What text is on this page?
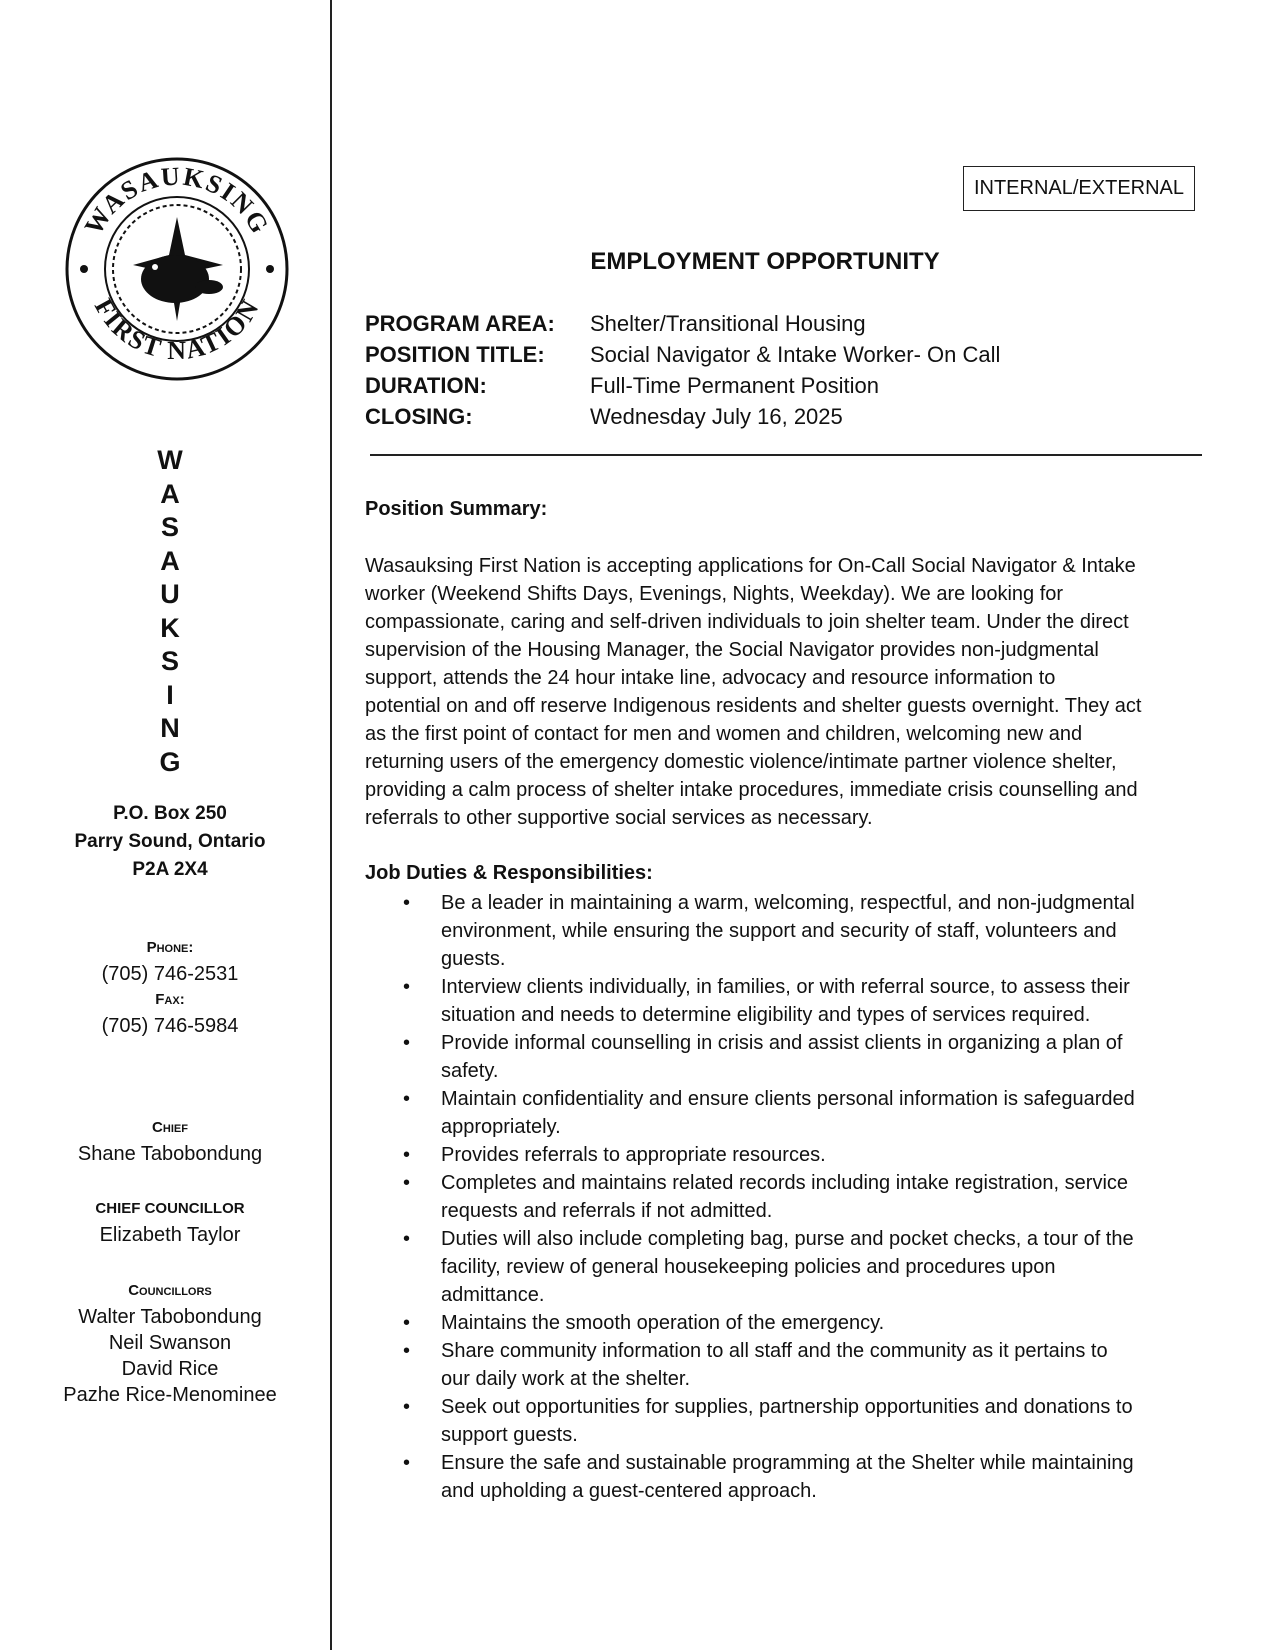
WASAUKSING
FIRST NATION
W
A
S
A
U
K
S
I
N
G
P.O. Box 250
Parry Sound, Ontario
P2A 2X4
Phone:
(705) 746-2531
Fax:
(705) 746-5984
Chief
Shane Tabobondung
CHIEF COUNCILLOR
Elizabeth Taylor
Councillors
Walter Tabobondung
Neil Swanson
David Rice
Pazhe Rice-Menominee
INTERNAL/EXTERNAL
EMPLOYMENT OPPORTUNITY
PROGRAM AREA:	Shelter/Transitional Housing
POSITION TITLE:	Social Navigator & Intake Worker- On Call
DURATION:	Full-Time Permanent Position
CLOSING:	Wednesday July 16, 2025
Position Summary:
Wasauksing First Nation is accepting applications for On-Call Social Navigator & Intake
worker (Weekend Shifts Days, Evenings, Nights, Weekday). We are looking for
compassionate, caring and self-driven individuals to join shelter team. Under the direct
supervision of the Housing Manager, the Social Navigator provides non-judgmental
support, attends the 24 hour intake line, advocacy and resource information to
potential on and off reserve Indigenous residents and shelter guests overnight. They act
as the first point of contact for men and women and children, welcoming new and
returning users of the emergency domestic violence/intimate partner violence shelter,
providing a calm process of shelter intake procedures, immediate crisis counselling and
referrals to other supportive social services as necessary.
Job Duties & Responsibilities:
• Be a leader in maintaining a warm, welcoming, respectful, and non-judgmental
environment, while ensuring the support and security of staff, volunteers and
guests.
• Interview clients individually, in families, or with referral source, to assess their
situation and needs to determine eligibility and types of services required.
• Provide informal counselling in crisis and assist clients in organizing a plan of
safety.
• Maintain confidentiality and ensure clients personal information is safeguarded
appropriately.
• Provides referrals to appropriate resources.
• Completes and maintains related records including intake registration, service
requests and referrals if not admitted.
• Duties will also include completing bag, purse and pocket checks, a tour of the
facility, review of general housekeeping policies and procedures upon
admittance.
• Maintains the smooth operation of the emergency.
• Share community information to all staff and the community as it pertains to
our daily work at the shelter.
• Seek out opportunities for supplies, partnership opportunities and donations to
support guests.
• Ensure the safe and sustainable programming at the Shelter while maintaining
and upholding a guest-centered approach.
